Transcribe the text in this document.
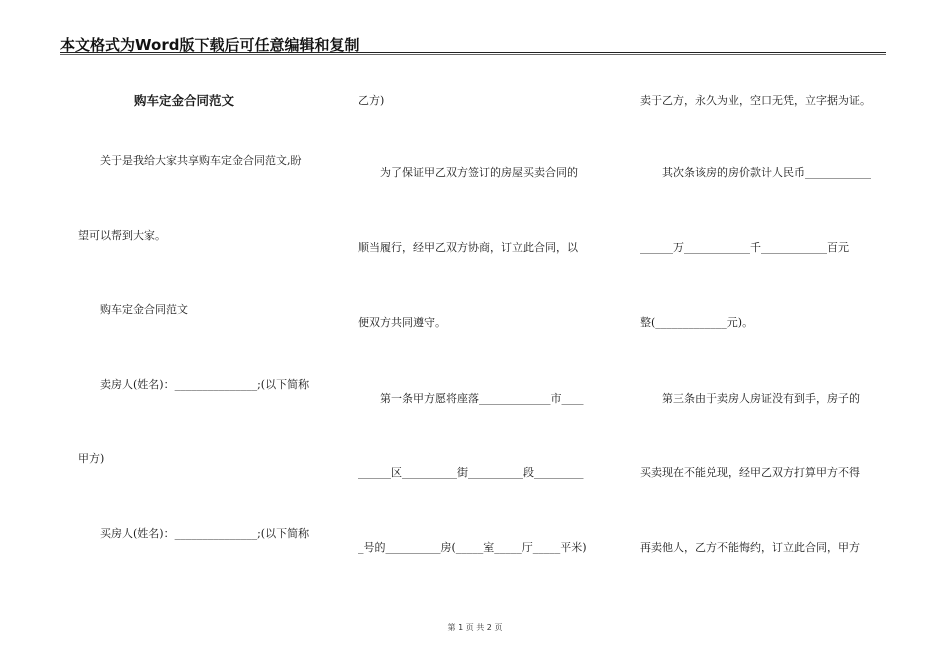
本文格式为Word版下载后可任意编辑和复制
购车定金合同范文
关于是我给大家共享购车定金合同范文,盼
望可以帮到大家。
购车定金合同范文
卖房人(姓名)：_______________;(以下简称
甲方)
买房人(姓名)：_______________;(以下简称
乙方)
为了保证甲乙双方签订的房屋买卖合同的
顺当履行，经甲乙双方协商，订立此合同，以
便双方共同遵守。
第一条甲方愿将座落_____________市____
______区__________街__________段_________
_号的__________房(_____室_____厅_____平米)
卖于乙方，永久为业，空口无凭，立字据为证。
其次条该房的房价款计人民币____________
______万____________千____________百元
整(_____________元)。
第三条由于卖房人房证没有到手，房子的
买卖现在不能兑现，经甲乙双方打算甲方不得
再卖他人，乙方不能悔约，订立此合同，甲方
第 1 页 共 2 页
